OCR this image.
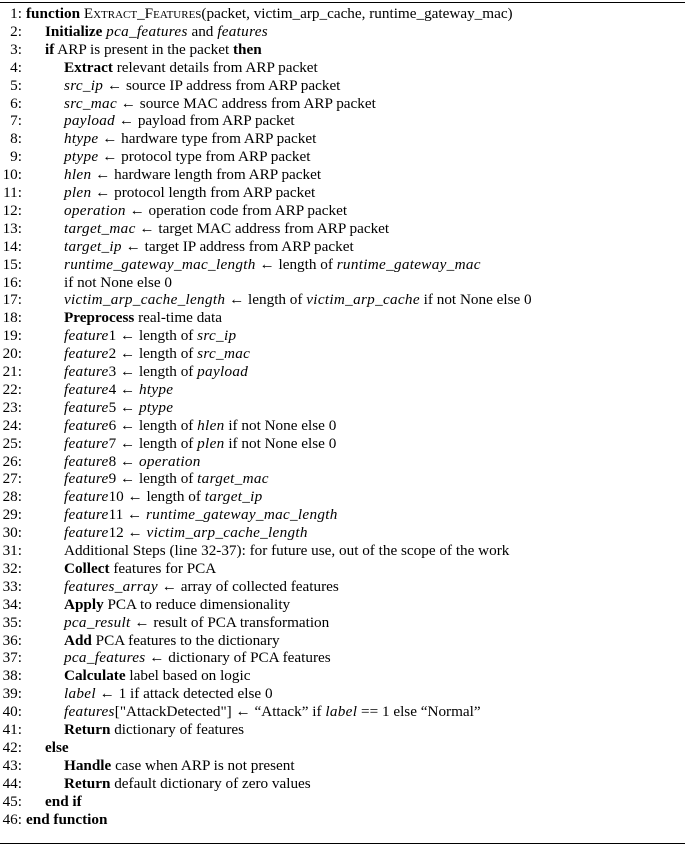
1: function Extract_Features(packet, victim_arp_cache, runtime_gateway_mac)
2: Initialize pca_features and features
3: if ARP is present in the packet then
4:	Extract relevant details from ARP packet
5:	src_ip ← source IP address from ARP packet
6:	src_mac ← source MAC address from ARP packet
7:	payload ← payload from ARP packet
8:	htype ← hardware type from ARP packet
9:	ptype ← protocol type from ARP packet
10:	hlen ← hardware length from ARP packet
11:	plen ← protocol length from ARP packet
12:	operation ← operation code from ARP packet
13:	target_mac ← target MAC address from ARP packet
14:	target_ip ← target IP address from ARP packet
15:	runtime_gateway_mac_length ← length of runtime_gateway_mac
16:	if not None else 0
17:	victim_arp_cache_length ← length of victim_arp_cache if not None else 0
18:	Preprocess real-time data
19:	feature1 ← length of src_ip
20:	feature2 ← length of src_mac
21:	feature3 ← length of payload
22:	feature4 ← htype
23:	feature5 ← ptype
24:	feature6 ← length of hlen if not None else 0
25:	feature7 ← length of plen if not None else 0
26:	feature8 ← operation
27:	feature9 ← length of target_mac
28:	feature10 ← length of target_ip
29:	feature11 ← runtime_gateway_mac_length
30:	feature12 ← victim_arp_cache_length
31:	Additional Steps (line 32-37): for future use, out of the scope of the work
32:	Collect features for PCA
33:	features_array ← array of collected features
34:	Apply PCA to reduce dimensionality
35:	pca_result ← result of PCA transformation
36:	Add PCA features to the dictionary
37:	pca_features ← dictionary of PCA features
38:	Calculate label based on logic
39:	label ← 1 if attack detected else 0
40:	features["AttackDetected"] ← “Attack” if label == 1 else “Normal”
41:	Return dictionary of features
42: else
43:	Handle case when ARP is not present
44:	Return default dictionary of zero values
45: end if
46: end function
